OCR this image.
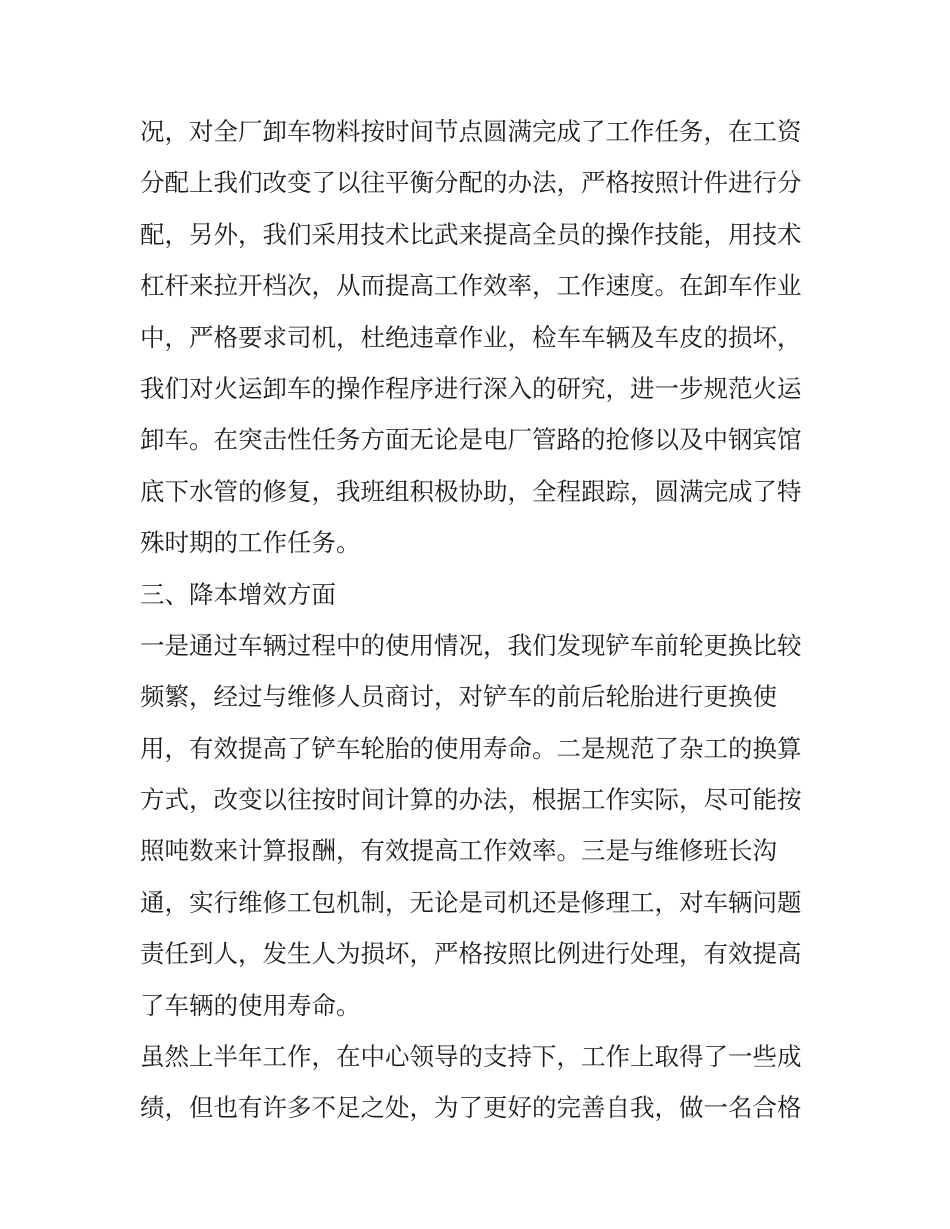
况，对全厂卸车物料按时间节点圆满完成了工作任务，在工资
分配上我们改变了以往平衡分配的办法，严格按照计件进行分
配，另外，我们采用技术比武来提高全员的操作技能，用技术
杠杆来拉开档次，从而提高工作效率，工作速度。在卸车作业
中，严格要求司机，杜绝违章作业，检车车辆及车皮的损坏，
我们对火运卸车的操作程序进行深入的研究，进一步规范火运
卸车。在突击性任务方面无论是电厂管路的抢修以及中钢宾馆
底下水管的修复，我班组积极协助，全程跟踪，圆满完成了特
殊时期的工作任务。
三、降本增效方面
一是通过车辆过程中的使用情况，我们发现铲车前轮更换比较
频繁，经过与维修人员商讨，对铲车的前后轮胎进行更换使
用，有效提高了铲车轮胎的使用寿命。二是规范了杂工的换算
方式，改变以往按时间计算的办法，根据工作实际，尽可能按
照吨数来计算报酬，有效提高工作效率。三是与维修班长沟
通，实行维修工包机制，无论是司机还是修理工，对车辆问题
责任到人，发生人为损坏，严格按照比例进行处理，有效提高
了车辆的使用寿命。
虽然上半年工作，在中心领导的支持下，工作上取得了一些成
绩，但也有许多不足之处，为了更好的完善自我，做一名合格
